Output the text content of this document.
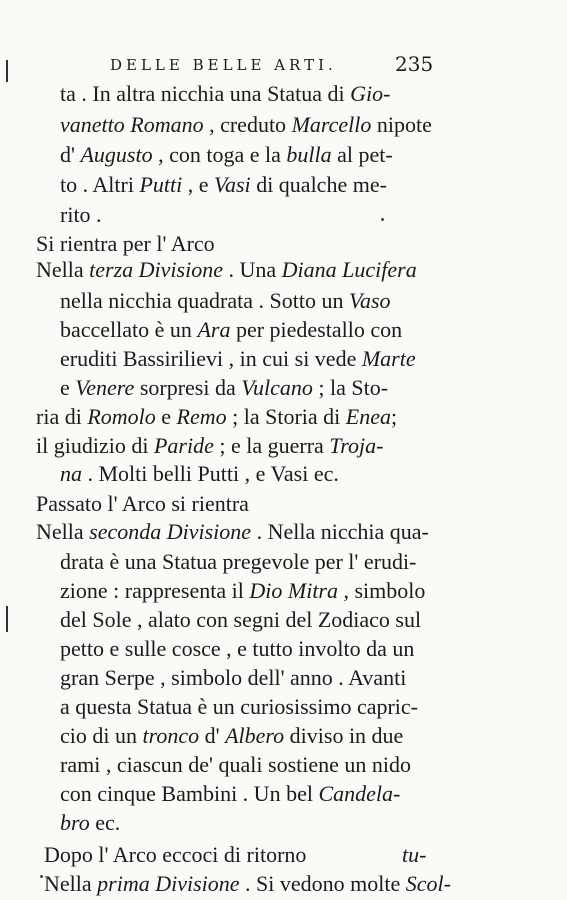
DELLE BELLE ARTI.	235
ta . In altra nicchia una Statua di Gio-
vanetto Romano , creduto Marcello nipote
d' Augusto , con toga e la bulla al pet-
to . Altri Putti , e Vasi di qualche me-
rito .
Si rientra per l' Arco
Nella terza Divisione . Una Diana Lucifera
nella nicchia quadrata . Sotto un Vaso
baccellato è un Ara per piedestallo con
eruditi Bassirilievi , in cui si vede Marte
e Venere sorpresi da Vulcano ; la Sto-
ria di Romolo e Remo ; la Storia di Enea;
il giudizio di Paride ; e la guerra Troja-
na . Molti belli Putti , e Vasi ec.
Passato l' Arco si rientra
Nella seconda Divisione . Nella nicchia qua-
drata è una Statua pregevole per l' erudi-
zione : rappresenta il Dio Mitra , simbolo
del Sole , alato con segni del Zodiaco sul
petto e sulle cosce , e tutto involto da un
gran Serpe , simbolo dell' anno . Avanti
a questa Statua è un curiosissimo capric-
cio di un tronco d' Albero diviso in due
rami , ciascun de' quali sostiene un nido
con cinque Bambini . Un bel Candela-
bro ec.
Dopo l' Arco eccoci di ritorno
Nella prima Divisione . Si vedono molte Scol-
tu-
